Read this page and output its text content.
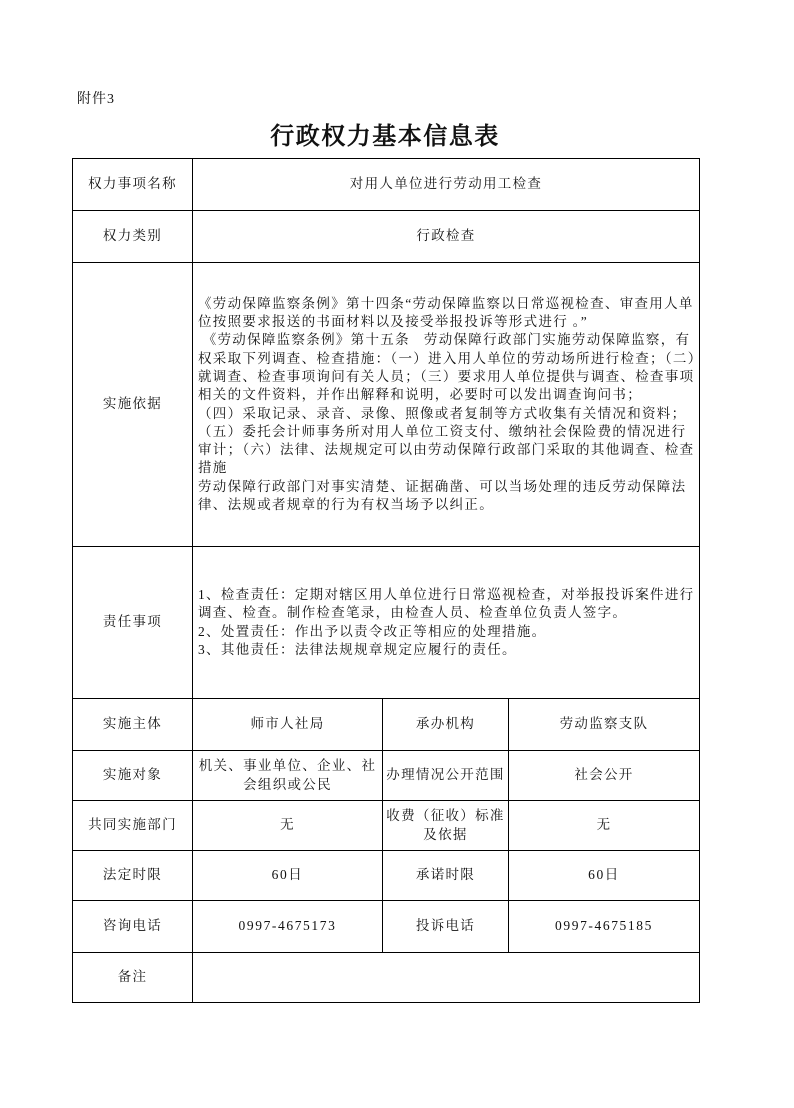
附件3
行政权力基本信息表
权力事项名称	对用人单位进行劳动用工检查		
权力类别	行政检查		
实施依据	《劳动保障监察条例》第十四条“劳动保障监察以日常巡视检查、审查用人单位按照要求报送的书面材料以及接受举报投诉等形式进行 。”

《劳动保障监察条例》第十五条   劳动保障行政部门实施劳动保障监察，有权采取下列调查、检查措施：（一）进入用人单位的劳动场所进行检查；（二）就调查、检查事项询问有关人员；（三）要求用人单位提供与调查、检查事项相关的文件资料，并作出解释和说明，必要时可以发出调查询问书；

（四）采取记录、录音、录像、照像或者复制等方式收集有关情况和资料；

（五）委托会计师事务所对用人单位工资支付、缴纳社会保险费的情况进行审计；（六）法律、法规规定可以由劳动保障行政部门采取的其他调查、检查措施

劳动保障行政部门对事实清楚、证据确凿、可以当场处理的违反劳动保障法律、法规或者规章的行为有权当场予以纠正。		

责任事项	1、检查责任：定期对辖区用人单位进行日常巡视检查，对举报投诉案件进行调查、检查。制作检查笔录，由检查人员、检查单位负责人签字。

2、处置责任：作出予以责令改正等相应的处理措施。

3、其他责任：法律法规规章规定应履行的责任。		

实施主体	师市人社局	承办机构	劳动监察支队
实施对象	机关、事业单位、企业、社会组织或公民	办理情况公开范围	社会公开
共同实施部门	无	收费（征收）标准及依据	无
法定时限	60日	承诺时限	60日
咨询电话	0997-4675173	投诉电话	0997-4675185
备注			
